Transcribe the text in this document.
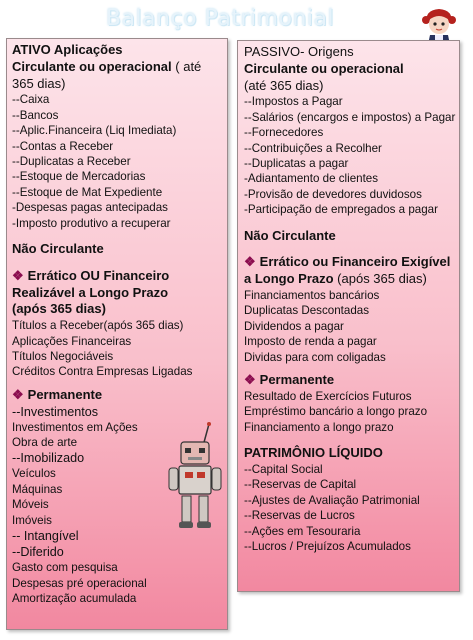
Balanço Patrimonial
ATIVO Aplicações
Circulante ou operacional ( até
365 dias)
--Caixa
--Bancos
--Aplic.Financeira (Liq Imediata)
--Contas a Receber
--Duplicatas a Receber
--Estoque de Mercadorias
--Estoque de Mat Expediente
-Despesas pagas antecipadas
-Imposto produtivo a recuperar
Não Circulante
❖ Errático OU Financeiro
Realizável a Longo Prazo
(após 365 dias)
Títulos a Receber(após 365 dias)
Aplicações Financeiras
Títulos Negociáveis
Créditos Contra Empresas Ligadas
❖ Permanente
--Investimentos
Investimentos em Ações
Obra de arte
--Imobilizado
Veículos
Máquinas
Móveis
Imóveis
-- Intangível
--Diferido
Gasto com pesquisa
Despesas pré operacional
Amortização acumulada
PASSIVO- Origens
Circulante ou operacional
(até 365 dias)
--Impostos a Pagar
--Salários (encargos e impostos) a Pagar
--Fornecedores
--Contribuições a Recolher
--Duplicatas a pagar
-Adiantamento de clientes
-Provisão de devedores duvidosos
-Participação de empregados a pagar
Não Circulante
❖ Errático ou Financeiro Exigível
a Longo Prazo (após 365 dias)
Financiamentos bancários
Duplicatas Descontadas
Dividendos a pagar
Imposto de renda a pagar
Dividas para com coligadas
❖ Permanente
Resultado de Exercícios Futuros
Empréstimo bancário a longo prazo
Financiamento a longo prazo
PATRIMÔNIO LÍQUIDO
--Capital Social
--Reservas de Capital
--Ajustes de Avaliação Patrimonial
--Reservas de Lucros
--Ações em Tesouraria
--Lucros / Prejuízos Acumulados
